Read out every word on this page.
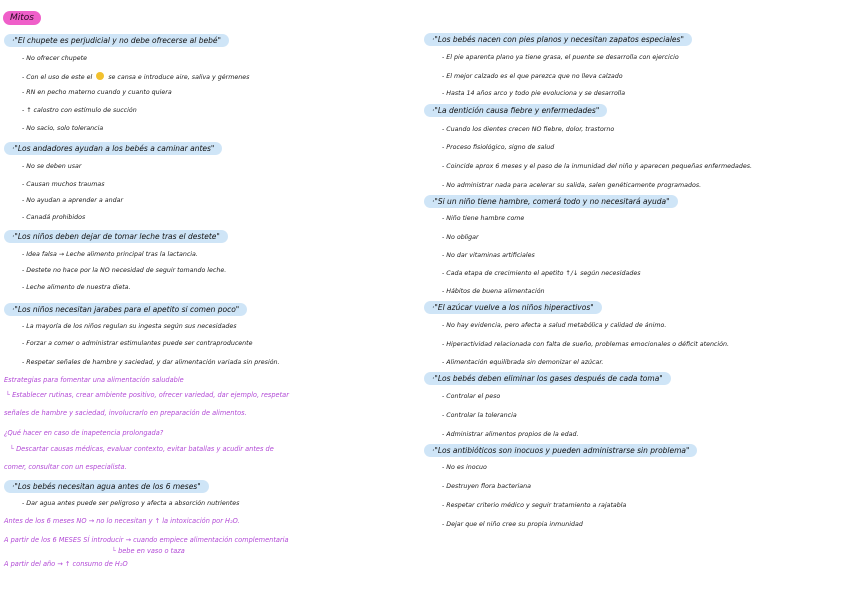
Mitos
·"El chupete es perjudicial y no debe ofrecerse al bebé"
- No ofrecer chupete
- Con el uso de este el  se cansa e introduce aire, saliva y gérmenes
- RN en pecho materno cuando y cuanto quiera
- ↑ calostro con estímulo de succión
- No sacio, solo tolerancia
·"Los andadores ayudan a los bebés a caminar antes"
- No se deben usar
- Causan muchos traumas
- No ayudan a aprender a andar
- Canadá prohibidos
·"Los niños deben dejar de tomar leche tras el destete"
- Idea falsa → Leche alimento principal tras la lactancia.
- Destete no hace por la NO necesidad de seguir tomando leche.
- Leche alimento de nuestra dieta.
·"Los niños necesitan jarabes para el apetito si comen poco"
- La mayoría de los niños regulan su ingesta según sus necesidades
- Forzar a comer o administrar estimulantes puede ser contraproducente
- Respetar señales de hambre y saciedad, y dar alimentación variada sin presión.
Estrategias para fomentar una alimentación saludable
└ Establecer rutinas, crear ambiente positivo, ofrecer variedad, dar ejemplo, respetar
señales de hambre y saciedad, involucrarlo en preparación de alimentos.
¿Qué hacer en caso de inapetencia prolongada?
└ Descartar causas médicas, evaluar contexto, evitar batallas y acudir antes de
comer, consultar con un especialista.
·"Los bebés necesitan agua antes de los 6 meses"
- Dar agua antes puede ser peligroso y afecta a absorción nutrientes
Antes de los 6 meses NO → no lo necesitan y ↑ la intoxicación por H₂O.
A partir de los 6 MESES SÍ introducir → cuando empiece alimentación complementaria
└ bebe en vaso o taza
A partir del año → ↑ consumo de H₂O
·"Los bebés nacen con pies planos y necesitan zapatos especiales"
- El pie aparenta plano ya tiene grasa, el puente se desarrolla con ejercicio
- El mejor calzado es el que parezca que no lleva calzado
- Hasta 14 años arco y todo pie evoluciona y se desarrolla
·"La dentición causa fiebre y enfermedades"
- Cuando los dientes crecen NO fiebre, dolor, trastorno
- Proceso fisiológico, signo de salud
- Coincide aprox 6 meses y el paso de la inmunidad del niño y aparecen pequeñas enfermedades.
- No administrar nada para acelerar su salida, salen genéticamente programados.
·"Si un niño tiene hambre, comerá todo y no necesitará ayuda"
- Niño tiene hambre come
- No obligar
- No dar vitaminas artificiales
- Cada etapa de crecimiento el apetito ↑/↓ según necesidades
- Hábitos de buena alimentación
·"El azúcar vuelve a los niños hiperactivos"
- No hay evidencia, pero afecta a salud metabólica y calidad de ánimo.
- Hiperactividad relacionada con falta de sueño, problemas emocionales o déficit atención.
- Alimentación equilibrada sin demonizar el azúcar.
·"Los bebés deben eliminar los gases después de cada toma"
- Controlar el peso
- Controlar la tolerancia
- Administrar alimentos propios de la edad.
·"Los antibióticos son inocuos y pueden administrarse sin problema"
- No es inocuo
- Destruyen flora bacteriana
- Respetar criterio médico y seguir tratamiento a rajatabla
- Dejar que el niño cree su propia inmunidad
